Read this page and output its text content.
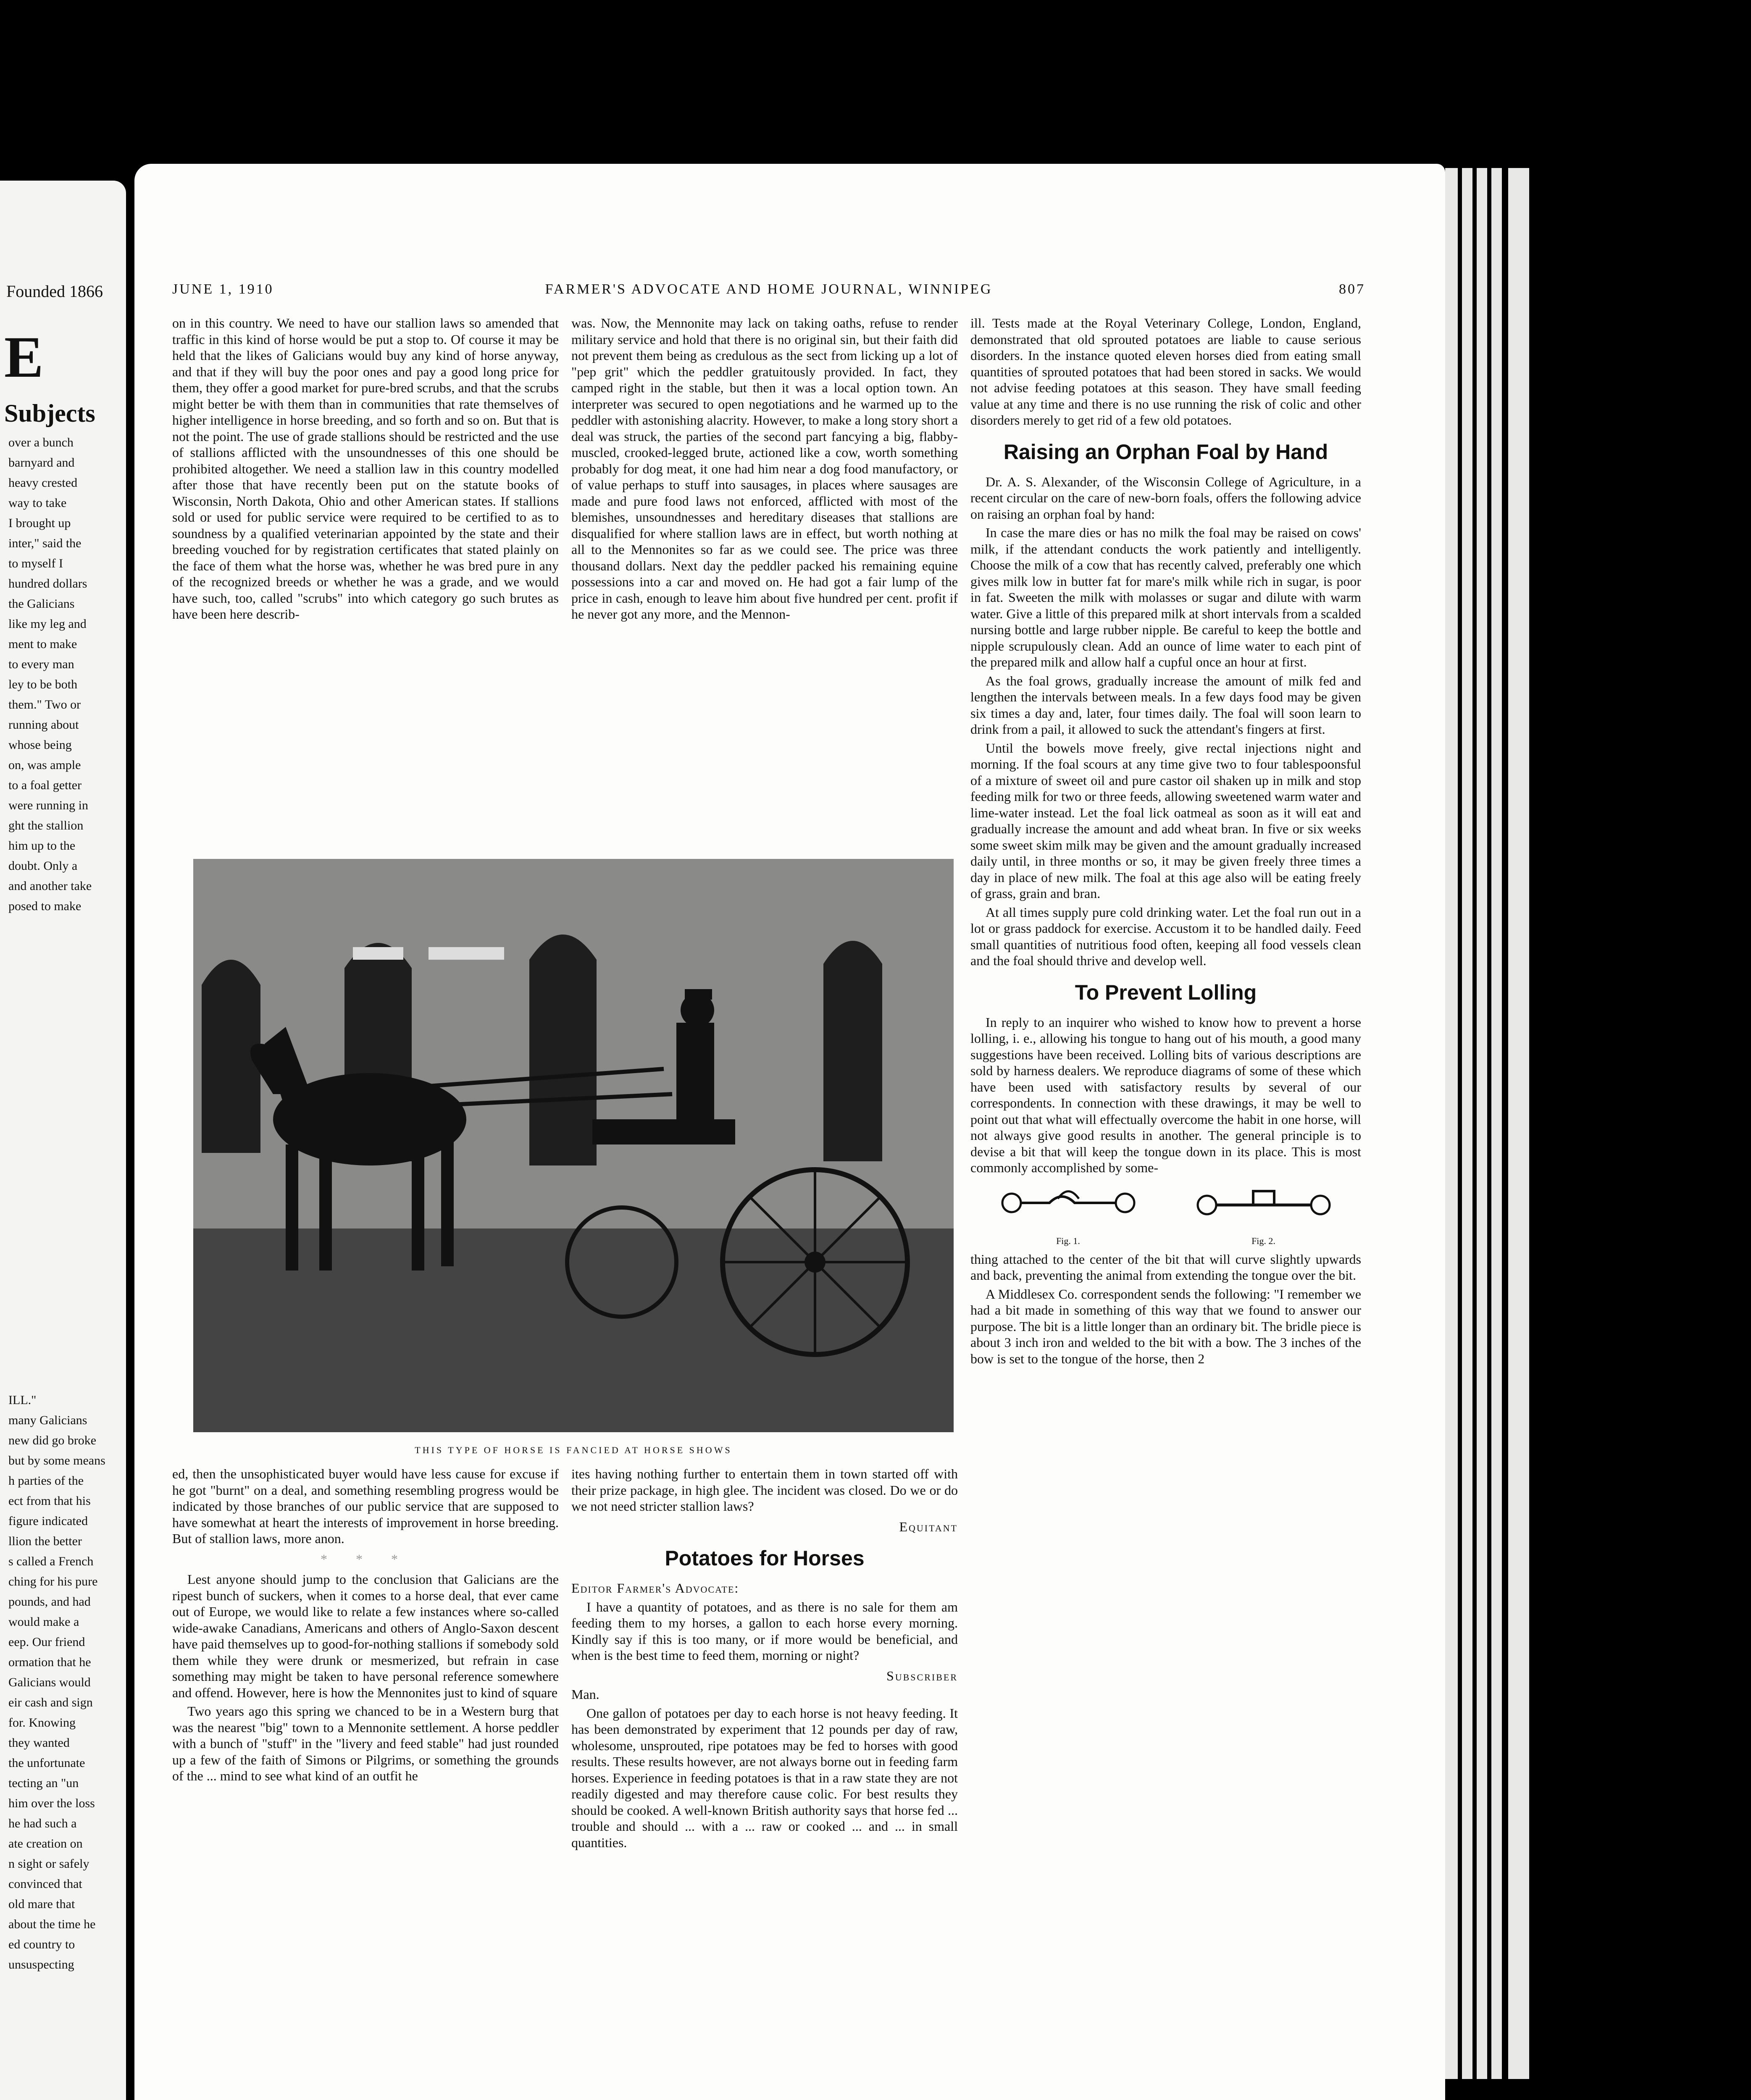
Founded 1866
E
Subjects
over a bunch
barnyard and
heavy crested
way to take
I brought up
inter," said the
to myself I
hundred dollars
the Galicians
like my leg and
ment to make
to every man
ley to be both
them." Two or
running about
whose being
on, was ample
to a foal getter
were running in
ght the stallion
him up to the
doubt. Only a
and another take
posed to make
ILL."
many Galicians
new did go broke
but by some means
h parties of the
ect from that his
figure indicated
llion the better
s called a French
ching for his pure
pounds, and had
would make a
eep. Our friend
ormation that he
Galicians would
eir cash and sign
for. Knowing
they wanted
the unfortunate
tecting an "un
him over the loss
he had such a
ate creation on
n sight or safely
convinced that
old mare that
about the time he
ed country to
unsuspecting
JUNE 1, 1910	FARMER'S ADVOCATE AND HOME JOURNAL, WINNIPEG	807

on in this country. We need to have our stallion laws so amended that traffic in this kind of horse would be put a stop to. Of course it may be held that the likes of Galicians would buy any kind of horse anyway, and that if they will buy the poor ones and pay a good long price for them, they offer a good market for pure-bred scrubs, and that the scrubs might better be with them than in communities that rate themselves of higher intelligence in horse breeding, and so forth and so on. But that is not the point. The use of grade stallions should be restricted and the use of stallions afflicted with the unsoundnesses of this one should be prohibited altogether. We need a stallion law in this country modelled after those that have recently been put on the statute books of Wisconsin, North Dakota, Ohio and other American states. If stallions sold or used for public service were required to be certified to as to soundness by a qualified veterinarian appointed by the state and their breeding vouched for by registration certificates that stated plainly on the face of them what the horse was, whether he was bred pure in any of the recognized breeds or whether he was a grade, and we would have such, too, called "scrubs" into which category go such brutes as have been here describ-

was. Now, the Mennonite may lack on taking oaths, refuse to render military service and hold that there is no original sin, but their faith did not prevent them being as credulous as the sect from licking up a lot of "pep grit" which the peddler gratuitously provided. In fact, they camped right in the stable, but then it was a local option town. An interpreter was secured to open negotiations and he warmed up to the peddler with astonishing alacrity. However, to make a long story short a deal was struck, the parties of the second part fancying a big, flabby-muscled, crooked-legged brute, actioned like a cow, worth something probably for dog meat, it one had him near a dog food manufactory, or of value perhaps to stuff into sausages, in places where sausages are made and pure food laws not enforced, afflicted with most of the blemishes, unsoundnesses and hereditary diseases that stallions are disqualified for where stallion laws are in effect, but worth nothing at all to the Mennonites so far as we could see. The price was three thousand dollars. Next day the peddler packed his remaining equine possessions into a car and moved on. He had got a fair lump of the price in cash, enough to leave him about five hundred per cent. profit if he never got any more, and the Mennon-

ill. Tests made at the Royal Veterinary College, London, England, demonstrated that old sprouted potatoes are liable to cause serious disorders. In the instance quoted eleven horses died from eating small quantities of sprouted potatoes that had been stored in sacks. We would not advise feeding potatoes at this season. They have small feeding value at any time and there is no use running the risk of colic and other disorders merely to get rid of a few old potatoes.

Raising an Orphan Foal by Hand

Dr. A. S. Alexander, of the Wisconsin College of Agriculture, in a recent circular on the care of new-born foals, offers the following advice on raising an orphan foal by hand:

In case the mare dies or has no milk the foal may be raised on cows' milk, if the attendant conducts the work patiently and intelligently. Choose the milk of a cow that has recently calved, preferably one which gives milk low in butter fat for mare's milk while rich in sugar, is poor in fat. Sweeten the milk with molasses or sugar and dilute with warm water. Give a little of this prepared milk at short intervals from a scalded nursing bottle and large rubber nipple. Be careful to keep the bottle and nipple scrupulously clean. Add an ounce of lime water to each pint of the prepared milk and allow half a cupful once an hour at first.

As the foal grows, gradually increase the amount of milk fed and lengthen the intervals between meals. In a few days food may be given six times a day and, later, four times daily. The foal will soon learn to drink from a pail, it allowed to suck the attendant's fingers at first.

Until the bowels move freely, give rectal injections night and morning. If the foal scours at any time give two to four tablespoonsful of a mixture of sweet oil and pure castor oil shaken up in milk and stop feeding milk for two or three feeds, allowing sweetened warm water and lime-water instead. Let the foal lick oatmeal as soon as it will eat and gradually increase the amount and add wheat bran. In five or six weeks some sweet skim milk may be given and the amount gradually increased daily until, in three months or so, it may be given freely three times a day in place of new milk. The foal at this age also will be eating freely of grass, grain and bran.

At all times supply pure cold drinking water. Let the foal run out in a lot or grass paddock for exercise. Accustom it to be handled daily. Feed small quantities of nutritious food often, keeping all food vessels clean and the foal should thrive and develop well.

To Prevent Lolling

In reply to an inquirer who wished to know how to prevent a horse lolling, i. e., allowing his tongue to hang out of his mouth, a good many suggestions have been received. Lolling bits of various descriptions are sold by harness dealers. We reproduce diagrams of some of these which have been used with satisfactory results by several of our correspondents. In connection with these drawings, it may be well to point out that what will effectually overcome the habit in one horse, will not always give good results in another. The general principle is to devise a bit that will keep the tongue down in its place. This is most commonly accomplished by some-

Fig. 1.	Fig. 2.

thing attached to the center of the bit that will curve slightly upwards and back, preventing the animal from extending the tongue over the bit.

A Middlesex Co. correspondent sends the following: "I remember we had a bit made in something of this way that we found to answer our purpose. The bit is a little longer than an ordinary bit. The bridle piece is about 3 inch iron and welded to the bit with a bow. The 3 inches of the bow is set to the tongue of the horse, then 2

THIS TYPE OF HORSE IS FANCIED AT HORSE SHOWS

ed, then the unsophisticated buyer would have less cause for excuse if he got "burnt" on a deal, and something resembling progress would be indicated by those branches of our public service that are supposed to have somewhat at heart the interests of improvement in horse breeding. But of stallion laws, more anon.

* * *

Lest anyone should jump to the conclusion that Galicians are the ripest bunch of suckers, when it comes to a horse deal, that ever came out of Europe, we would like to relate a few instances where so-called wide-awake Canadians, Americans and others of Anglo-Saxon descent have paid themselves up to good-for-nothing stallions if somebody sold them while they were drunk or mesmerized, but refrain in case something may might be taken to have personal reference somewhere and offend. However, here is how the Mennonites just to kind of square

Two years ago this spring we chanced to be in a Western burg that was the nearest "big" town to a Mennonite settlement. A horse peddler with a bunch of "stuff" in the "livery and feed stable" had just rounded up a few of the faith of Simons or Pilgrims, or something the grounds of the ... mind to see what kind of an outfit he

ites having nothing further to entertain them in town started off with their prize package, in high glee. The incident was closed. Do we or do we not need stricter stallion laws?

Equitant

Potatoes for Horses

Editor Farmer's Advocate:

I have a quantity of potatoes, and as there is no sale for them am feeding them to my horses, a gallon to each horse every morning. Kindly say if this is too many, or if more would be beneficial, and when is the best time to feed them, morning or night?

Subscriber

Man.

One gallon of potatoes per day to each horse is not heavy feeding. It has been demonstrated by experiment that 12 pounds per day of raw, wholesome, unsprouted, ripe potatoes may be fed to horses with good results. These results however, are not always borne out in feeding farm horses. Experience in feeding potatoes is that in a raw state they are not readily digested and may therefore cause colic. For best results they should be cooked. A well-known British authority says that horse fed ... trouble and should ... with a ... raw or cooked ... and ... in small quantities.
